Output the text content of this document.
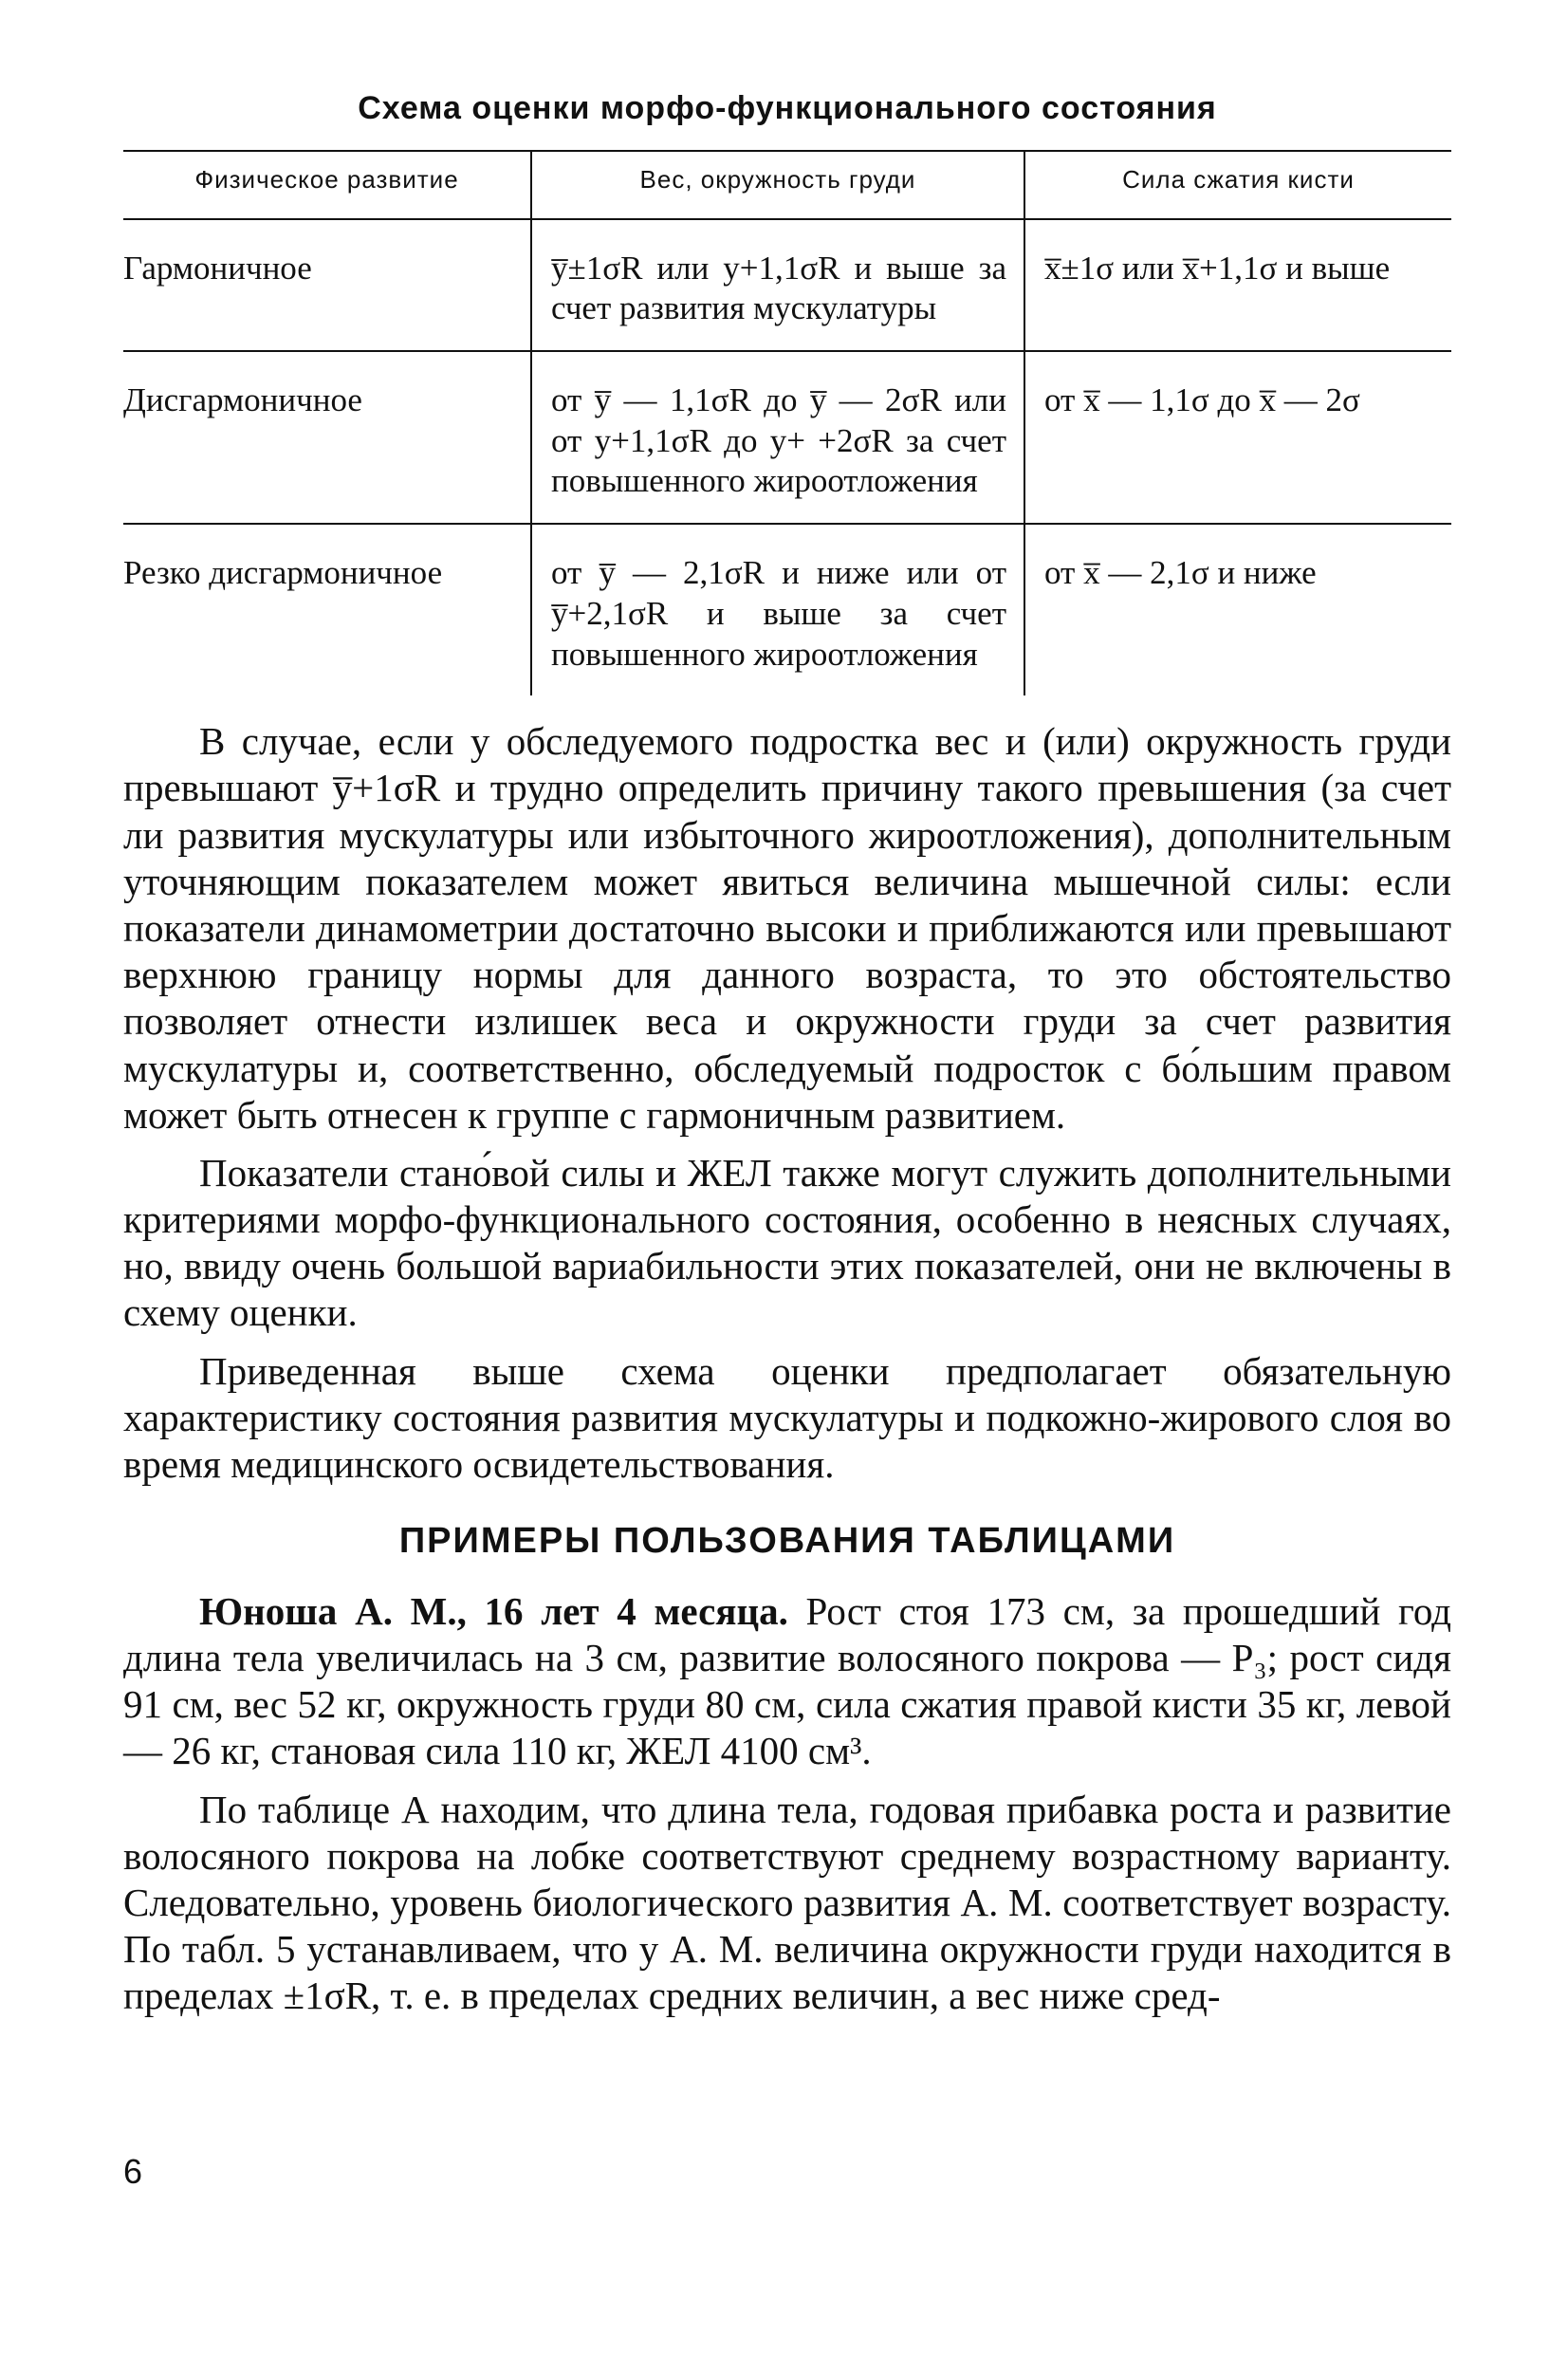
Схема оценки морфо-функционального состояния
Физическое развитие	Вес, окружность груди	Сила сжатия кисти
Гармоничное	y̅±1σR или y+1,1σR и выше за счет развития мускулатуры	x̅±1σ или x̅+1,1σ и выше
Дисгармоничное	от y̅ — 1,1σR до y̅ — 2σR или от y+1,1σR до y+ +2σR за счет повышенного жироотложения	от x̅ — 1,1σ до x̅ — 2σ
Резко дисгармоничное	от y̅ — 2,1σR и ниже или от y̅+2,1σR и выше за счет повышенного жироотложения	от x̅ — 2,1σ и ниже

В случае, если у обследуемого подростка вес и (или) окружность груди превышают y̅+1σR и трудно определить причину такого превышения (за счет ли развития мускулатуры или избыточного жироотложения), дополнительным уточняющим показателем может явиться величина мышечной силы: если показатели динамометрии достаточно высоки и приближаются или превышают верхнюю границу нормы для данного возраста, то это обстоятельство позволяет отнести излишек веса и окружности груди за счет развития мускулатуры и, соответственно, обследуемый подросток с бо́льшим правом может быть отнесен к группе с гармоничным развитием.

Показатели стано́вой силы и ЖЕЛ также могут служить дополнительными критериями морфо-функционального состояния, особенно в неясных случаях, но, ввиду очень большой вариабильности этих показателей, они не включены в схему оценки.

Приведенная выше схема оценки предполагает обязательную характеристику состояния развития мускулатуры и подкожно-жирового слоя во время медицинского освидетельствования.

ПРИМЕРЫ ПОЛЬЗОВАНИЯ ТАБЛИЦАМИ

Юноша А. М., 16 лет 4 месяца. Рост стоя 173 см, за прошедший год длина тела увеличилась на 3 см, развитие волосяного покрова — P₃; рост сидя 91 см, вес 52 кг, окружность груди 80 см, сила сжатия правой кисти 35 кг, левой — 26 кг, становая сила 110 кг, ЖЕЛ 4100 см³.

По таблице А находим, что длина тела, годовая прибавка роста и развитие волосяного покрова на лобке соответствуют среднему возрастному варианту. Следовательно, уровень биологического развития А. М. соответствует возрасту. По табл. 5 устанавливаем, что у А. М. величина окружности груди находится в пределах ±1σR, т. е. в пределах средних величин, а вес ниже сред-

6
